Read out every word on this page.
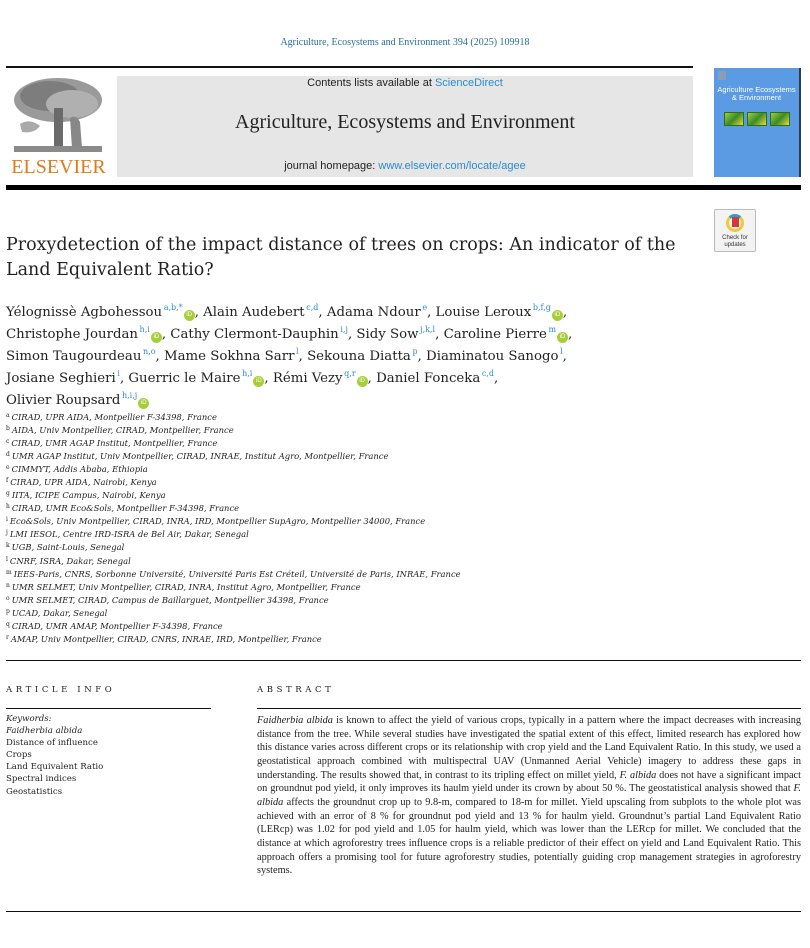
Agriculture, Ecosystems and Environment 394 (2025) 109918
ELSEVIER
Contents lists available at ScienceDirect
Agriculture, Ecosystems and Environment
journal homepage: www.elsevier.com/locate/agee
Agriculture Ecosystems & Environment
Proxydetection of the impact distance of trees on crops: An indicator of the Land Equivalent Ratio?
Check for updates
Yélognissè Agbohessou $^{a,b,*}$iD , Alain Audebert $^{c,d}$, Adama Ndour $^e$, Louise Leroux $^{b,f,g}$iD ,
Christophe Jourdan $^{h,i}$iD , Cathy Clermont-Dauphin $^{i,j}$, Sidy Sow $^{j,k,l}$, Caroline Pierre $^m$iD ,
Simon Taugourdeau $^{n,o}$, Mame Sokhna Sarr $^l$, Sekouna Diatta $^p$, Diaminatou Sanogo $^l$,
Josiane Seghieri $^i$, Guerric le Maire $^{h,i}$iD , Rémi Vezy $^{q,r}$iD , Daniel Fonceka $^{c,d}$,
Olivier Roupsard $^{h,i,j}$iD
$^a$ CIRAD, UPR AIDA, Montpellier F-34398, France
$^b$ AIDA, Univ Montpellier, CIRAD, Montpellier, France
$^c$ CIRAD, UMR AGAP Institut, Montpellier, France
$^d$ UMR AGAP Institut, Univ Montpellier, CIRAD, INRAE, Institut Agro, Montpellier, France
$^e$ CIMMYT, Addis Ababa, Ethiopia
$^f$ CIRAD, UPR AIDA, Nairobi, Kenya
$^g$ IITA, ICIPE Campus, Nairobi, Kenya
$^h$ CIRAD, UMR Eco&Sols, Montpellier F-34398, France
$^i$ Eco&Sols, Univ Montpellier, CIRAD, INRA, IRD, Montpellier SupAgro, Montpellier 34000, France
$^j$ LMI IESOL, Centre IRD-ISRA de Bel Air, Dakar, Senegal
$^k$ UGB, Saint-Louis, Senegal
$^l$ CNRF, ISRA, Dakar, Senegal
$^m$ IEES-Paris, CNRS, Sorbonne Université, Université Paris Est Créteil, Université de Paris, INRAE, France
$^n$ UMR SELMET, Univ Montpellier, CIRAD, INRA, Institut Agro, Montpellier, France
$^o$ UMR SELMET, CIRAD, Campus de Baillarguet, Montpellier 34398, France
$^p$ UCAD, Dakar, Senegal
$^q$ CIRAD, UMR AMAP, Montpellier F-34398, France
$^r$ AMAP, Univ Montpellier, CIRAD, CNRS, INRAE, IRD, Montpellier, France
ARTICLE INFO	ABSTRACT
Keywords:
Faidherbia albida
Distance of influence
Crops
Land Equivalent Ratio
Spectral indices
Geostatistics
Faidherbia albida is known to affect the yield of various crops, typically in a pattern where the impact decreases with increasing distance from the tree. While several studies have investigated the spatial extent of this effect, limited research has explored how this distance varies across different crops or its relationship with crop yield and the Land Equivalent Ratio. In this study, we used a geostatistical approach combined with multispectral UAV (Unmanned Aerial Vehicle) imagery to address these gaps in understanding. The results showed that, in contrast to its tripling effect on millet yield, F. albida does not have a significant impact on groundnut pod yield, it only improves its haulm yield under its crown by about 50 %. The geostatistical analysis showed that F. albida affects the groundnut crop up to 9.8-m, compared to 18-m for millet. Yield upscaling from subplots to the whole plot was achieved with an error of 8 % for groundnut pod yield and 13 % for haulm yield. Groundnut’s partial Land Equivalent Ratio (LERcp) was 1.02 for pod yield and 1.05 for haulm yield, which was lower than the LERcp for millet. We concluded that the distance at which agroforestry trees influence crops is a reliable predictor of their effect on yield and Land Equivalent Ratio. This approach offers a promising tool for future agroforestry studies, potentially guiding crop management strategies in agroforestry systems.
